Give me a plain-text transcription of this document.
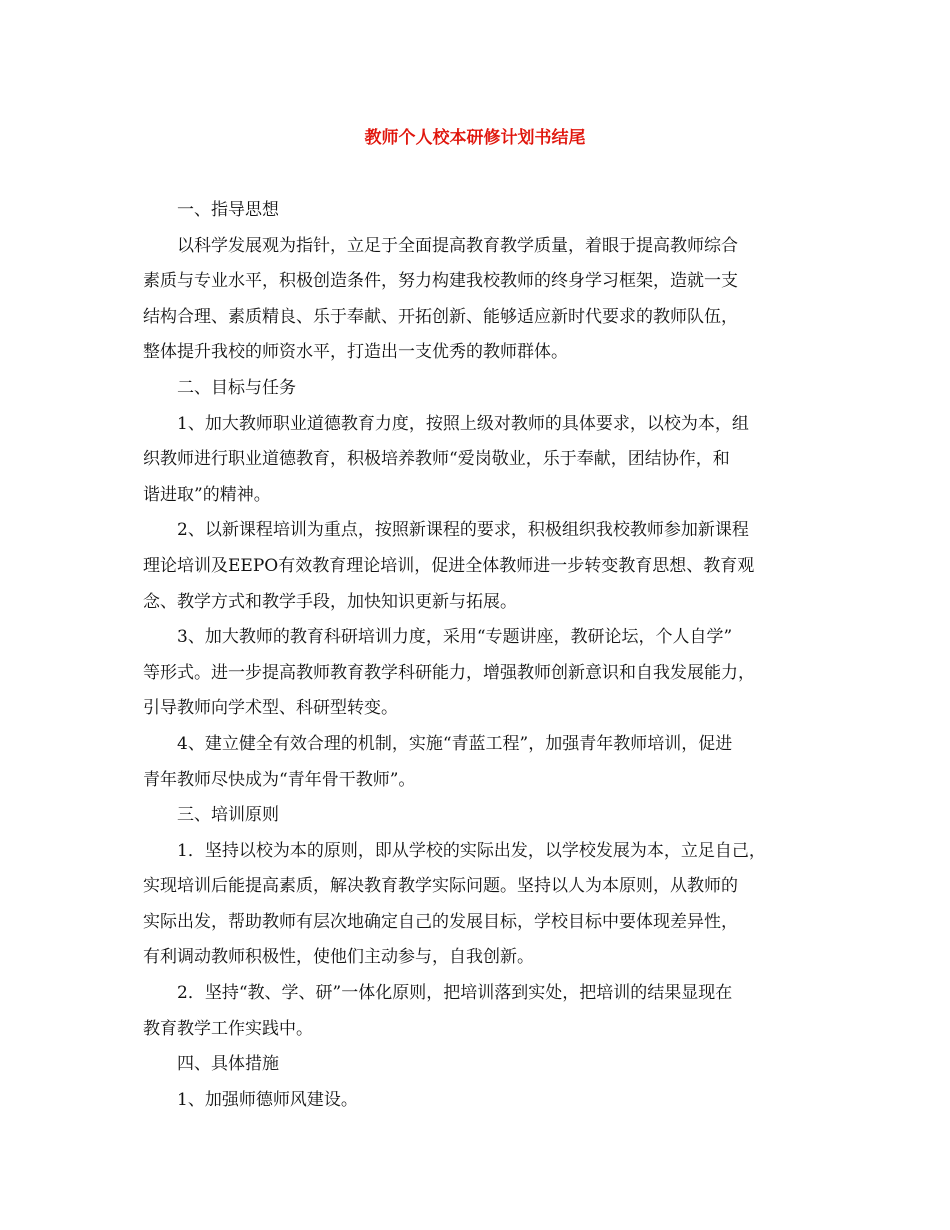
教师个人校本研修计划书结尾
一、指导思想
以科学发展观为指针，立足于全面提高教育教学质量，着眼于提高教师综合
素质与专业水平，积极创造条件，努力构建我校教师的终身学习框架，造就一支
结构合理、素质精良、乐于奉献、开拓创新、能够适应新时代要求的教师队伍，
整体提升我校的师资水平，打造出一支优秀的教师群体。
二、目标与任务
1、加大教师职业道德教育力度，按照上级对教师的具体要求，以校为本，组
织教师进行职业道德教育，积极培养教师“爱岗敬业，乐于奉献，团结协作，和
谐进取”的精神。
2、以新课程培训为重点，按照新课程的要求，积极组织我校教师参加新课程
理论培训及EEPO有效教育理论培训，促进全体教师进一步转变教育思想、教育观
念、教学方式和教学手段，加快知识更新与拓展。
3、加大教师的教育科研培训力度，采用“专题讲座，教研论坛，个人自学”
等形式。进一步提高教师教育教学科研能力，增强教师创新意识和自我发展能力，
引导教师向学术型、科研型转变。
4、建立健全有效合理的机制，实施“青蓝工程”，加强青年教师培训，促进
青年教师尽快成为“青年骨干教师”。
三、培训原则
1．坚持以校为本的原则，即从学校的实际出发，以学校发展为本，立足自己，
实现培训后能提高素质，解决教育教学实际问题。坚持以人为本原则，从教师的
实际出发，帮助教师有层次地确定自己的发展目标，学校目标中要体现差异性，
有利调动教师积极性，使他们主动参与，自我创新。
2．坚持“教、学、研”一体化原则，把培训落到实处，把培训的结果显现在
教育教学工作实践中。
四、具体措施
1、加强师德师风建设。
